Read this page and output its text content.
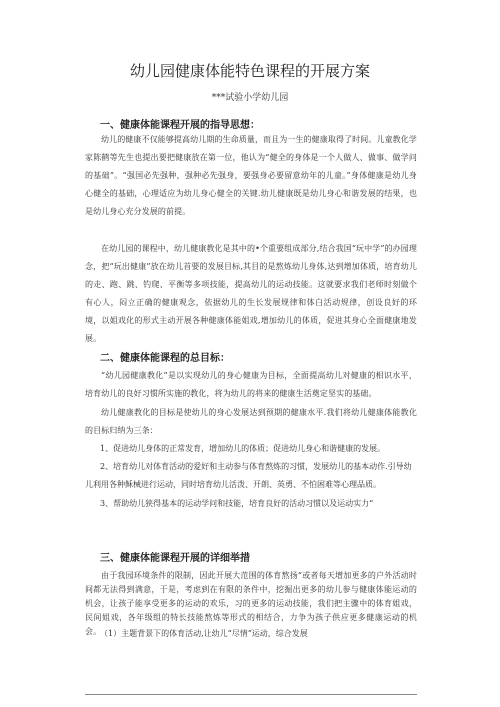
幼儿园健康体能特色课程的开展方案
***试验小学幼儿园
一、健康体能课程开展的指导思想：
幼儿的健康不仅能够提高幼儿期的生命质量，而且为一生的健康取得了时间。儿童教化学家陈鹤等先生也提出要把健康放在第一位，他认为“健全的身体是一个人做人、做事、做学问的基础”。“强国必先强种，强种必先强身，要强身必要留意幼年的儿童。”身体健康是幼儿身心健全的基础，心理适应为幼儿身心健全的关键.幼儿健康既是幼儿身心和谐发展的结果，也是幼儿身心充分发展的前提。
在幼儿园的课程中，幼儿健康教化是其中的•个重要组成部分,结合我国“玩中学”的办园理念，把“玩出健康”放在幼儿首要的发展目标,其目的是熬炼幼儿身体,达到增加体质，培育幼儿的走、跑、跳、钓爬、平衡等多项技能，提高幼儿的运动技能。这就要求我们老师时刻做个有心人，闷立正确的健康观念，依据幼儿的生长发展规律和体白活动规律，创设良好的环境，以姐戏化的形式主动开展各种健康体能姐戏,增加幼儿的体质，促进其身心全面健康地发展。
二、健康体能课程的总目标：
“幼儿园健康教化”是以实现幼儿的身心健康为目标，全面提高幼儿对健康的相识水平，培育幼儿的良好习惯所实施的教化，将为幼儿的将来的健康生活奠定坚实的基础。
幼儿健康教化的目标是使幼儿的身心发展达到预期的健康水平.我们将幼儿健康体能教化的目标归纳为三条：
1、促进幼儿身体的正常发育，增加幼儿的体质；促进幼儿身心和谐健康的发展。
2、培育幼儿对体育活动的爱好和主动参与体育熬炼的习惯，发展幼儿的基本动作.引导幼儿利用各种稣械进行运动，同时培育幼儿活泼、开朗、英勇、不怕困难等心理品质。
3、帮助幼儿狭得基本的运动学问和技能，培育良好的活动习惯以及运动实力“
三、健康体能课程开展的详细举措
由于我园环境条件的限制，因此开展大范围的体育熬扬“或者每天增加更多的户外活动时间都无法得到满意，于是，考虑到在有限的条件中，挖掘出更多的幼儿参与健康体能运动的机会，让孩子能享受更多的运动的欢乐，习的更多的运动技能，我们把主骤中的体育姐戏，民间姐戏，各年级组的特长技能熬炼等形式的相结合，力争为孩子供应更多健康运动的机会。
（1）主题背景下的体育活动,让幼儿“尽情”运动，综合发展
